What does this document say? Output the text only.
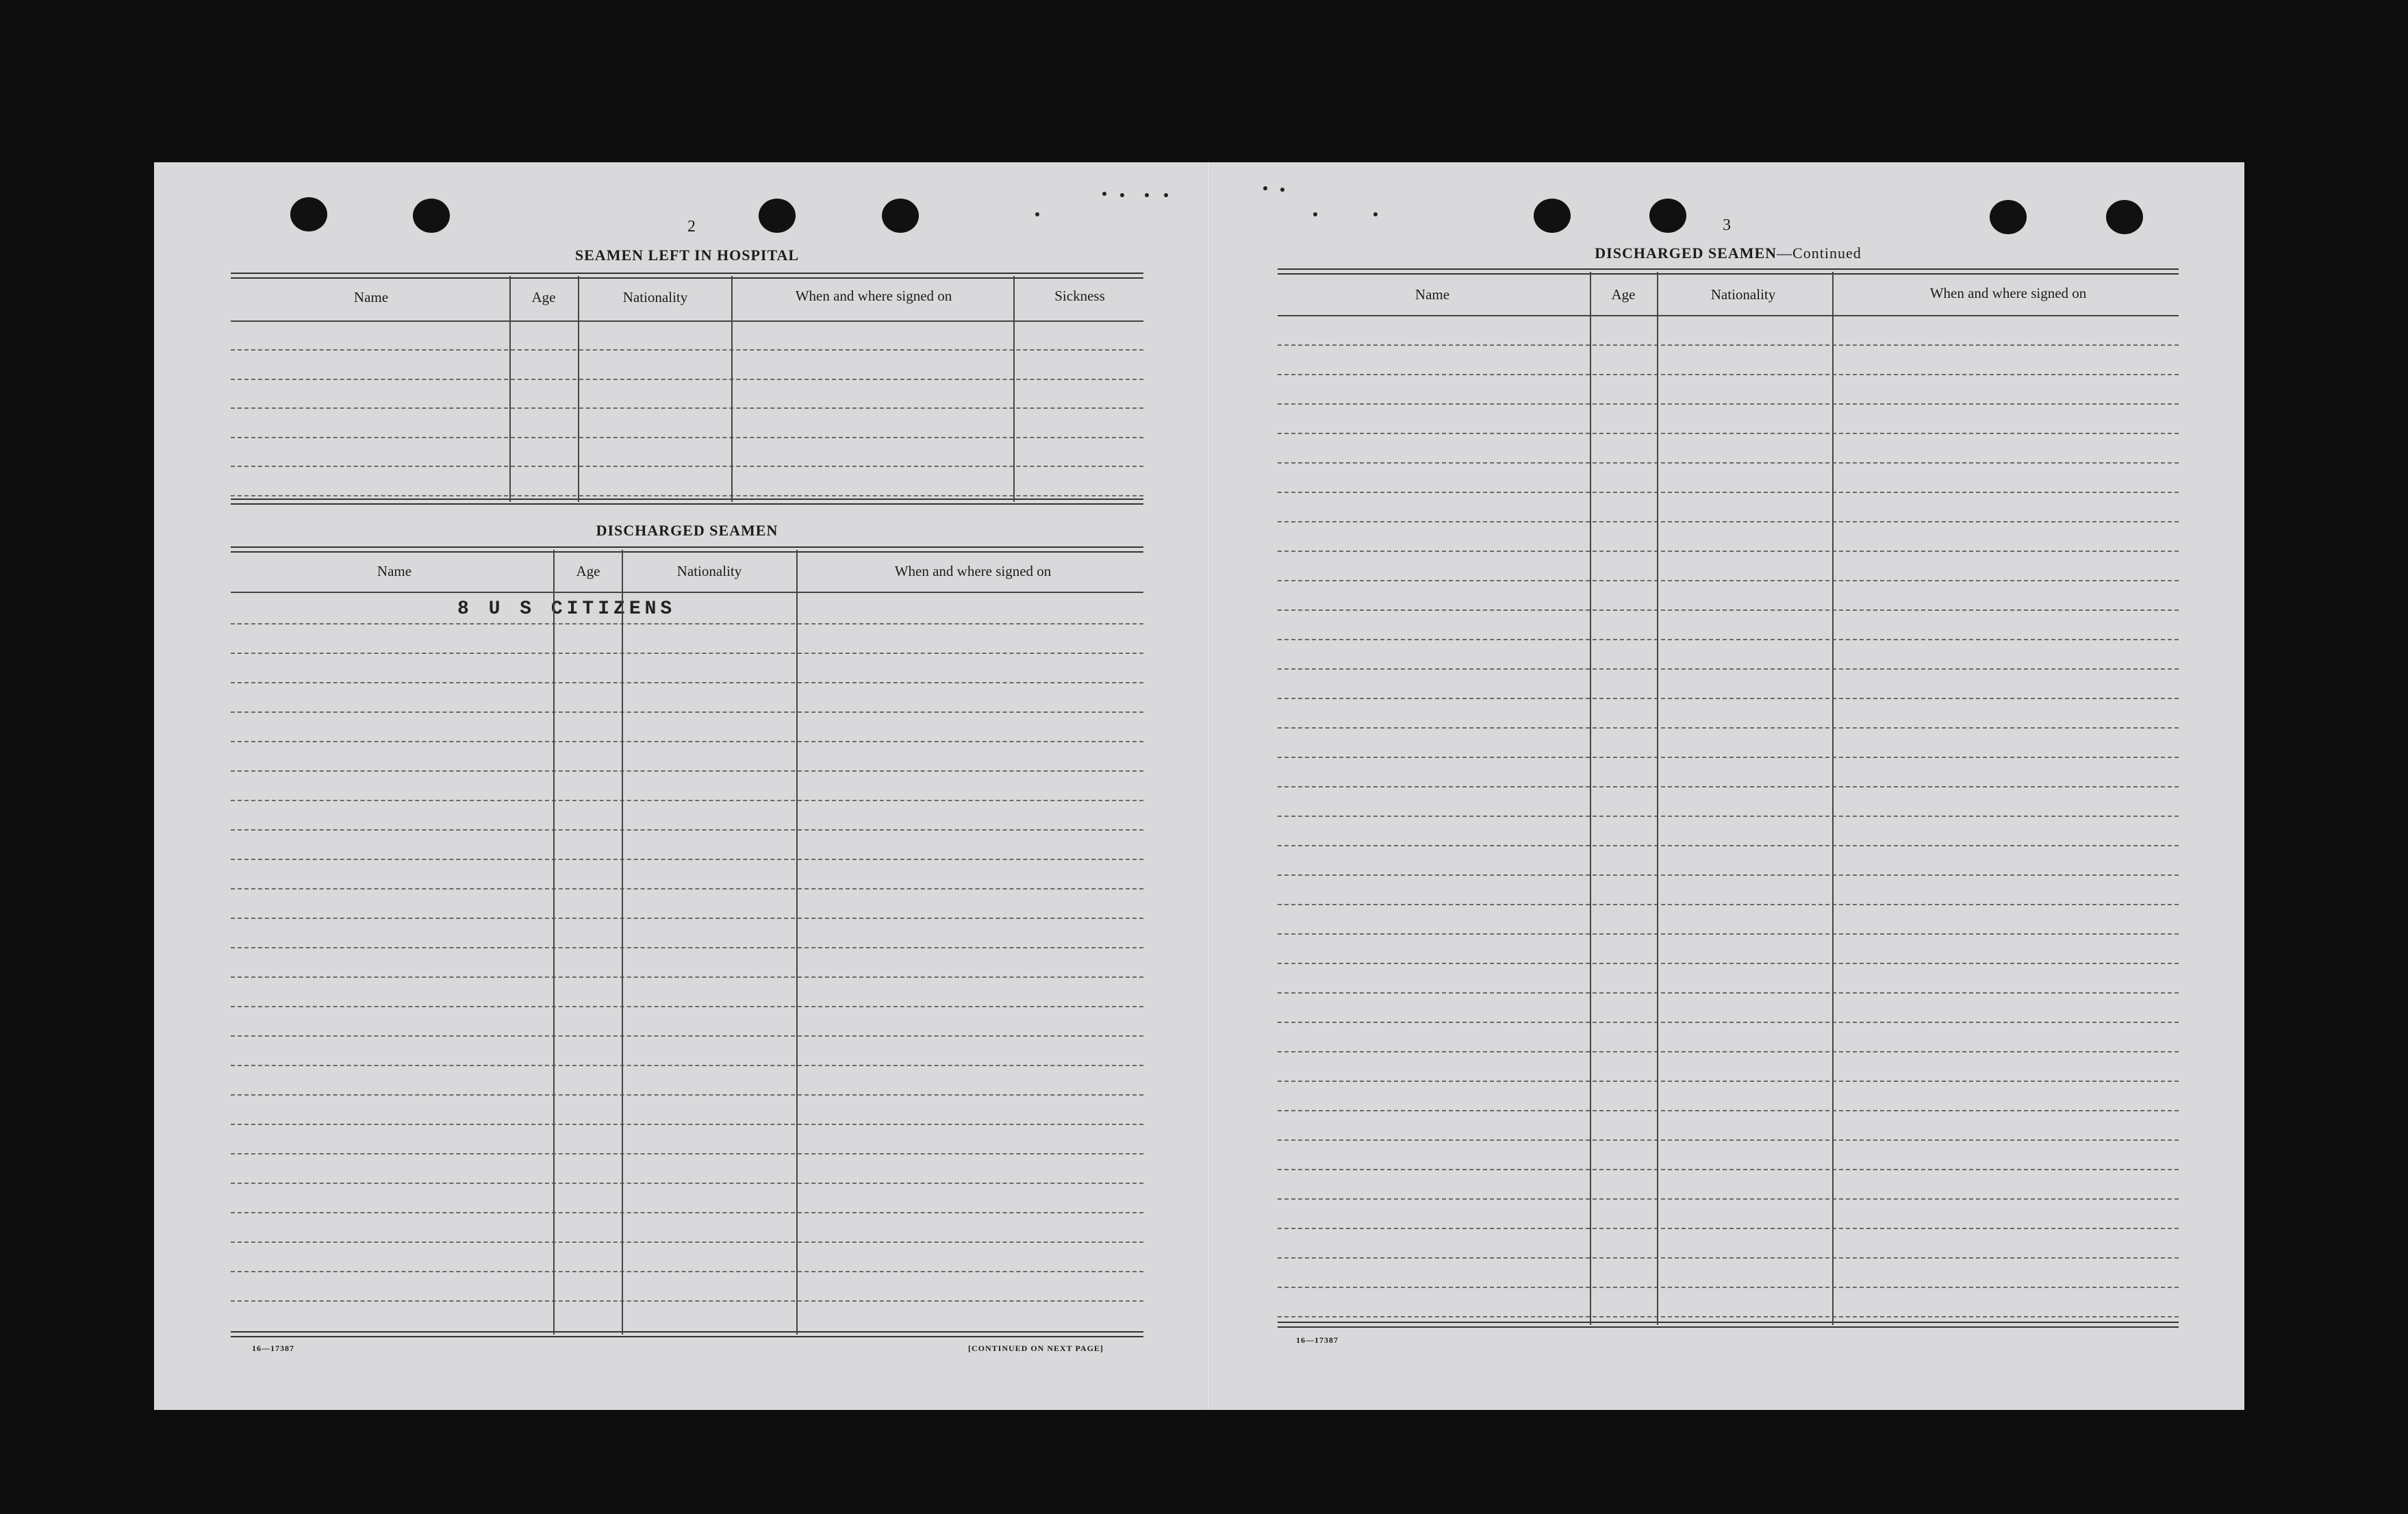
2
SEAMEN LEFT IN HOSPITAL
Name	Age	Nationality	When and where signed on	Sickness
DISCHARGED SEAMEN
Name	Age	Nationality	When and where signed on
8 U S CITIZENS
16—17387	[CONTINUED ON NEXT PAGE]
3
DISCHARGED SEAMEN—Continued
Name	Age	Nationality	When and where signed on
16—17387
